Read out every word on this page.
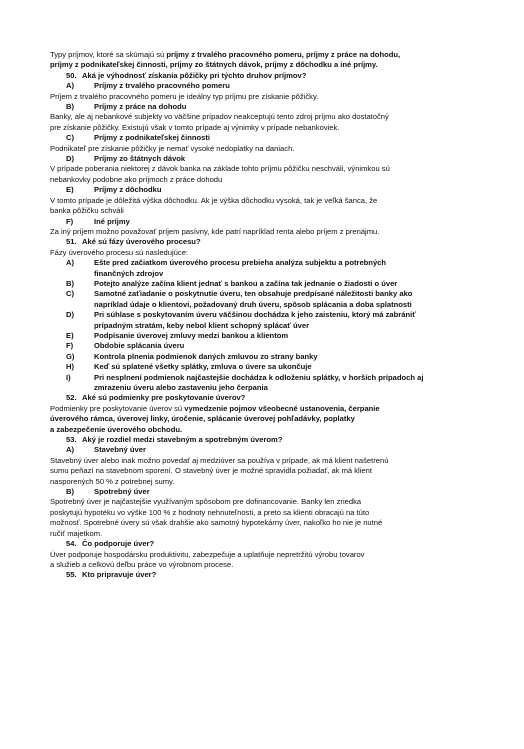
Typy príjmov, ktoré sa skúmajú sú príjmy z trvalého pracovného pomeru, príjmy z práce na dohodu,

príjmy z podnikateľskej činnosti, príjmy zo štátnych dávok, príjmy z dôchodku a iné príjmy.

50. Aká je výhodnosť získania pôžičky pri týchto druhov príjmov?

A)	Príjmy z trvalého pracovného pomeru

Príjem z trvalého pracovného pomeru je ideálny typ príjmu pre získanie pôžičky.

B)	Príjmy z práce na dohodu

Banky, ale aj nebankové subjekty vo väčšine prípadov neakceptujú tento zdroj príjmu ako dostatočný

pre získanie pôžičky. Existujú však v tomto prípade aj výnimky v prípade nebankoviek.

C)	Príjmy z podnikateľskej činnosti

Podnikateľ pre získanie pôžičky je nemať vysoké nedoplatky na daniach.

D)	Príjmy zo štátnych dávok

V prípade poberania niektorej z dávok banka na základe tohto príjmu pôžičku neschváli, výnimkou sú

nebankovky podobne ako príjmoch z práce dohodu

E)	Príjmy z dôchodku

V tomto prípade je dôležitá výška dôchodku. Ak je výška dôchodku vysoká, tak je veľká šanca, že

banka pôžičku schváli

F)	Iné príjmy

Za iný príjem možno považovať príjem pasívny, kde patrí napríklad renta alebo príjem z prenájmu.

51. Aké sú fázy úverového procesu?

Fázy úverového procesu sú nasledujúce:

A)	Ešte pred začiatkom úverového procesu prebieha analýza subjektu a potrebných
finančných zdrojov
B)	Potejto analýze začína klient jednať s bankou a začína tak jednanie o žiadosti o úver
C)	Samotné zaťiadanie o poskytnutie úveru, ten obsahuje predpísané náležitosti banky ako
napríklad údaje o klientovi, požadovaný druh úveru, spôsob splácania a doba splatnosti
D)	Pri súhlase s poskytovaním úveru väčšinou dochádza k jeho zaisteniu, ktorý má zabrániť
prípadným stratám, keby nebol klient schopný splácať úver
E)	Podpísanie úverovej zmluvy medzi bankou a klientom
F)	Obdobie splácania úveru
G)	Kontrola plnenia podmienok daných zmluvou zo strany banky
H)	Keď sú splatené všetky splátky, zmluva o úvere sa ukončuje
I)	Pri nesplnení podmienok najčastejšie dochádza k odloženiu splátky, v horších prípadoch aj
zmrazeniu úveru alebo zastaveniu jeho čerpania

52. Aké sú podmienky pre poskytovanie úverov?

Podmienky pre poskytovanie úverov sú vymedzenie pojmov všeobecné ustanovenia, čerpanie

úverového rámca, úverovej linky, úročenie, splácanie úverovej pohľadávky, poplatky

a zabezpečenie úverového obchodu.

53. Aký je rozdiel medzi stavebným a spotrebným úverom?

A)	Stavebný úver

Stavebný úver alebo inak možno povedať aj medziúver sa používa v prípade, ak má klient našetrenú

sumu peňazí na stavebnom sporení. O stavebný úver je možné spravidla požiadať, ak má klient

nasporených 50 % z potrebnej sumy.

B)	Spotrebný úver

Spotrebný úver je najčastejšie využívaným spôsobom pre dofinancovanie. Banky len zriedka

poskytujú hypotéku vo výške 100 % z hodnoty nehnuteľnosti, a preto sa klienti obracajú na túto

možnosť. Spotrebné úvery sú však drahšie ako samotný hypotekárny úver, nakoľko ho nie je nutné

ručiť majetkom.

54. Čo podporuje úver?

Úver podporuje hospodársku produktivitu, zabezpečuje a uplatňuje nepretržitú výrobu tovarov

a služieb a celkovú deľbu práce vo výrobnom procese.

55. Kto pripravuje úver?
